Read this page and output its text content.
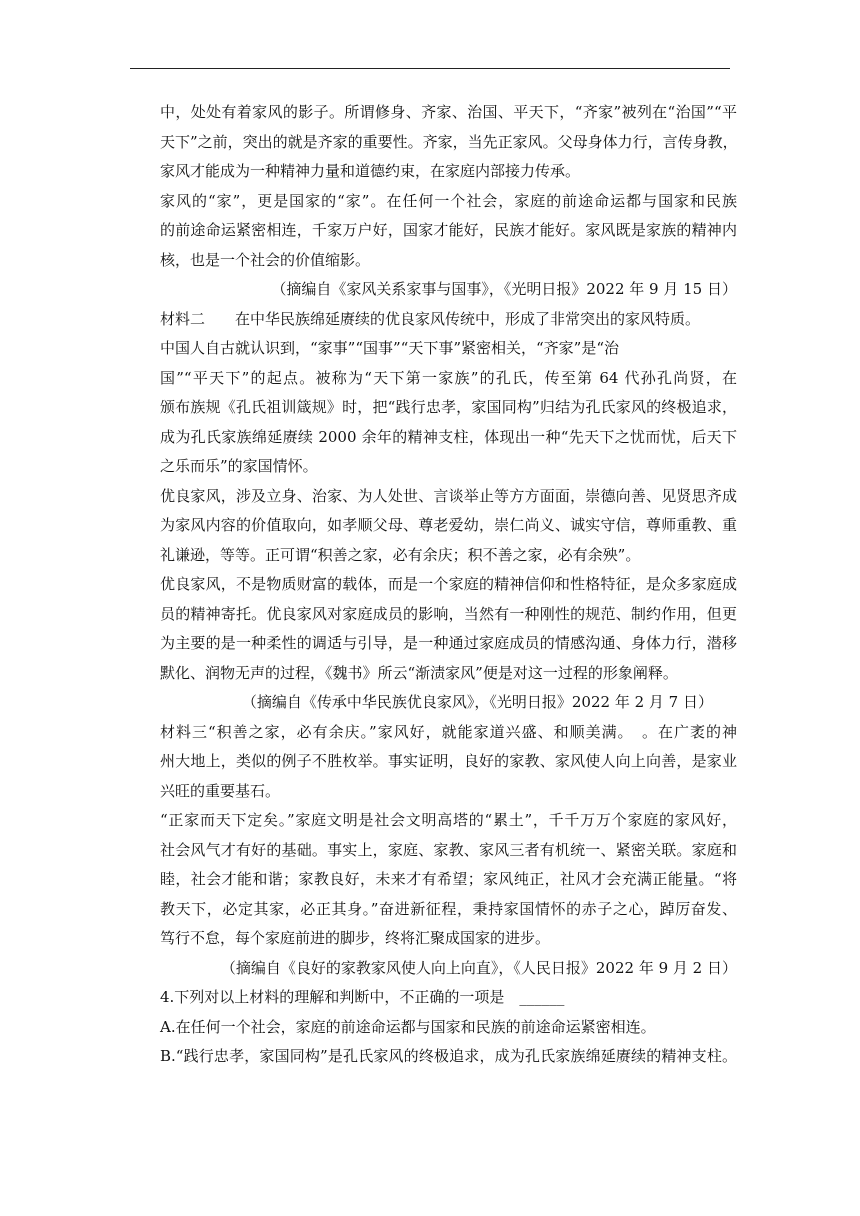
中，处处有着家风的影子。所谓修身、齐家、治国、平天下，“齐家”被列在“治国”“平
天下”之前，突出的就是齐家的重要性。齐家，当先正家风。父母身体力行，言传身教，
家风才能成为一种精神力量和道德约束，在家庭内部接力传承。
家风的“家”，更是国家的“家”。在任何一个社会，家庭的前途命运都与国家和民族
的前途命运紧密相连，千家万户好，国家才能好，民族才能好。家风既是家族的精神内
核，也是一个社会的价值缩影。
（摘编自《家风关系家事与国事》，《光明日报》2022 年 9 月 15 日）
材料二　　在中华民族绵延赓续的优良家风传统中，形成了非常突出的家风特质。
中国人自古就认识到，“家事”“国事”“天下事”紧密相关，“齐家”是“治
国”“平天下”的起点。被称为“天下第一家族”的孔氏，传至第 64 代孙孔尚贤，在
颁布族规《孔氏祖训箴规》时，把“践行忠孝，家国同构”归结为孔氏家风的终极追求，
成为孔氏家族绵延赓续 2000 余年的精神支柱，体现出一种“先天下之忧而忧，后天下
之乐而乐”的家国情怀。
优良家风，涉及立身、治家、为人处世、言谈举止等方方面面，崇德向善、见贤思齐成
为家风内容的价值取向，如孝顺父母、尊老爱幼，崇仁尚义、诚实守信，尊师重教、重
礼谦逊，等等。正可谓“积善之家，必有余庆；积不善之家，必有余殃”。
优良家风，不是物质财富的载体，而是一个家庭的精神信仰和性格特征，是众多家庭成
员的精神寄托。优良家风对家庭成员的影响，当然有一种刚性的规范、制约作用，但更
为主要的是一种柔性的调适与引导，是一种通过家庭成员的情感沟通、身体力行，潜移
默化、润物无声的过程，《魏书》所云“渐渍家风”便是对这一过程的形象阐释。
（摘编自《传承中华民族优良家风》，《光明日报》2022 年 2 月 7 日）
材料三“积善之家，必有余庆。”家风好，就能家道兴盛、和顺美满。　。在广袤的神
州大地上，类似的例子不胜枚举。事实证明，良好的家教、家风使人向上向善，是家业
兴旺的重要基石。
“正家而天下定矣。”家庭文明是社会文明高塔的“累土”，千千万万个家庭的家风好，
社会风气才有好的基础。事实上，家庭、家教、家风三者有机统一、紧密关联。家庭和
睦，社会才能和谐；家教良好，未来才有希望；家风纯正，社风才会充满正能量。“将
教天下，必定其家，必正其身。”奋进新征程，秉持家国情怀的赤子之心，踔厉奋发、
笃行不怠，每个家庭前进的脚步，终将汇聚成国家的进步。
（摘编自《良好的家教家风使人向上向直》，《人民日报》2022 年 9 月 2 日）
4.下列对以上材料的理解和判断中，不正确的一项是　______
A.在任何一个社会，家庭的前途命运都与国家和民族的前途命运紧密相连。
B.“践行忠孝，家国同构”是孔氏家风的终极追求，成为孔氏家族绵延赓续的精神支柱。
